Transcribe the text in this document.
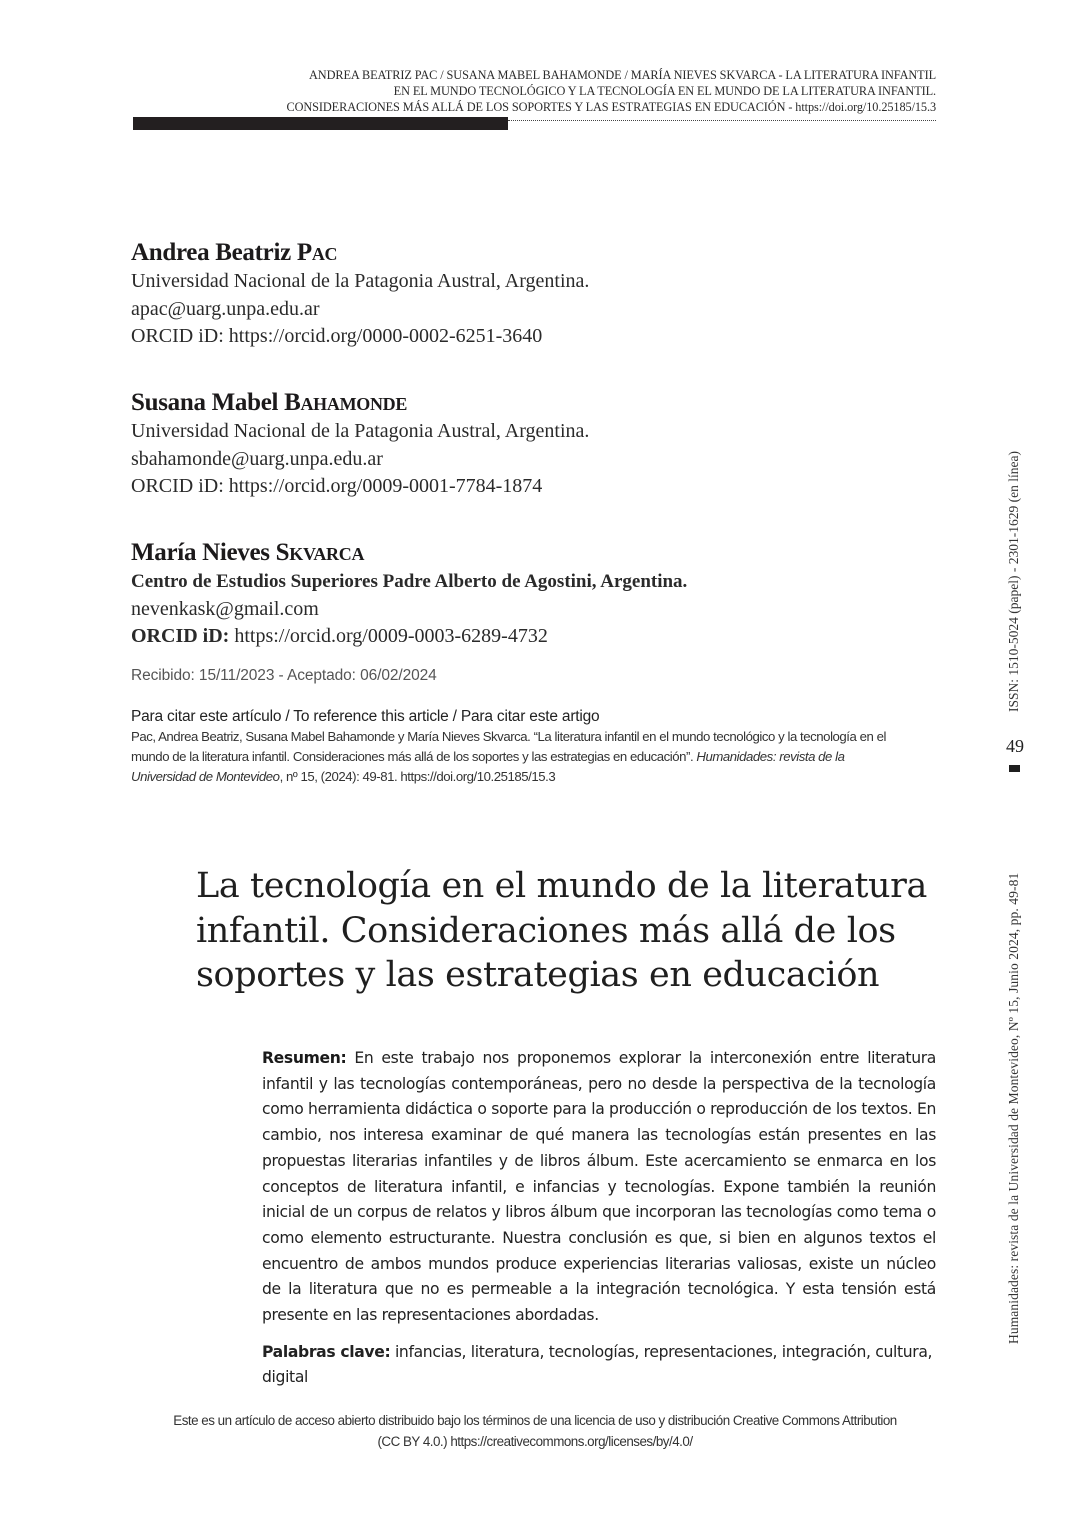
ANDREA BEATRIZ PAC / SUSANA MABEL BAHAMONDE / MARÍA NIEVES SKVARCA - LA LITERATURA INFANTIL
EN EL MUNDO TECNOLÓGICO Y LA TECNOLOGÍA EN EL MUNDO DE LA LITERATURA INFANTIL.
CONSIDERACIONES MÁS ALLÁ DE LOS SOPORTES Y LAS ESTRATEGIAS EN EDUCACIÓN - https://doi.org/10.25185/15.3
Andrea Beatriz Pac
Universidad Nacional de la Patagonia Austral, Argentina.
apac@uarg.unpa.edu.ar
ORCID iD: https://orcid.org/0000-0002-6251-3640
Susana Mabel Bahamonde
Universidad Nacional de la Patagonia Austral, Argentina.
sbahamonde@uarg.unpa.edu.ar
ORCID iD: https://orcid.org/0009-0001-7784-1874
María Nieves Skvarca
Centro de Estudios Superiores Padre Alberto de Agostini, Argentina.
nevenkask@gmail.com
ORCID iD: https://orcid.org/0009-0003-6289-4732
Recibido: 15/11/2023 - Aceptado: 06/02/2024
Para citar este artículo / To reference this article / Para citar este artigo
Pac, Andrea Beatriz, Susana Mabel Bahamonde y María Nieves Skvarca. “La literatura infantil en el mundo tecnológico y la tecnología en el mundo de la literatura infantil. Consideraciones más allá de los soportes y las estrategias en educación”. Humanidades: revista de la Universidad de Montevideo, nº 15, (2024): 49-81. https://doi.org/10.25185/15.3
La tecnología en el mundo de la literatura infantil. Consideraciones más allá de los soportes y las estrategias en educación
Resumen: En este trabajo nos proponemos explorar la interconexión entre literatura infantil y las tecnologías contemporáneas, pero no desde la perspectiva de la tecnología como herramienta didáctica o soporte para la producción o reproducción de los textos. En cambio, nos interesa examinar de qué manera las tecnologías están presentes en las propuestas literarias infantiles y de libros álbum. Este acercamiento se enmarca en los conceptos de literatura infantil, e infancias y tecnologías. Expone también la reunión inicial de un corpus de relatos y libros álbum que incorporan las tecnologías como tema o como elemento estructurante. Nuestra conclusión es que, si bien en algunos textos el encuentro de ambos mundos produce experiencias literarias valiosas, existe un núcleo de la literatura que no es permeable a la integración tecnológica. Y esta tensión está presente en las representaciones abordadas.
Palabras clave: infancias, literatura, tecnologías, representaciones, integración, cultura, digital
Este es un artículo de acceso abierto distribuido bajo los términos de una licencia de uso y distribución Creative Commons Attribution
(CC BY 4.0.) https://creativecommons.org/licenses/by/4.0/
ISSN: 1510-5024 (papel) - 2301-1629 (en línea)
49
Humanidades: revista de la Universidad de Montevideo, Nº 15, Junio 2024, pp. 49-81
